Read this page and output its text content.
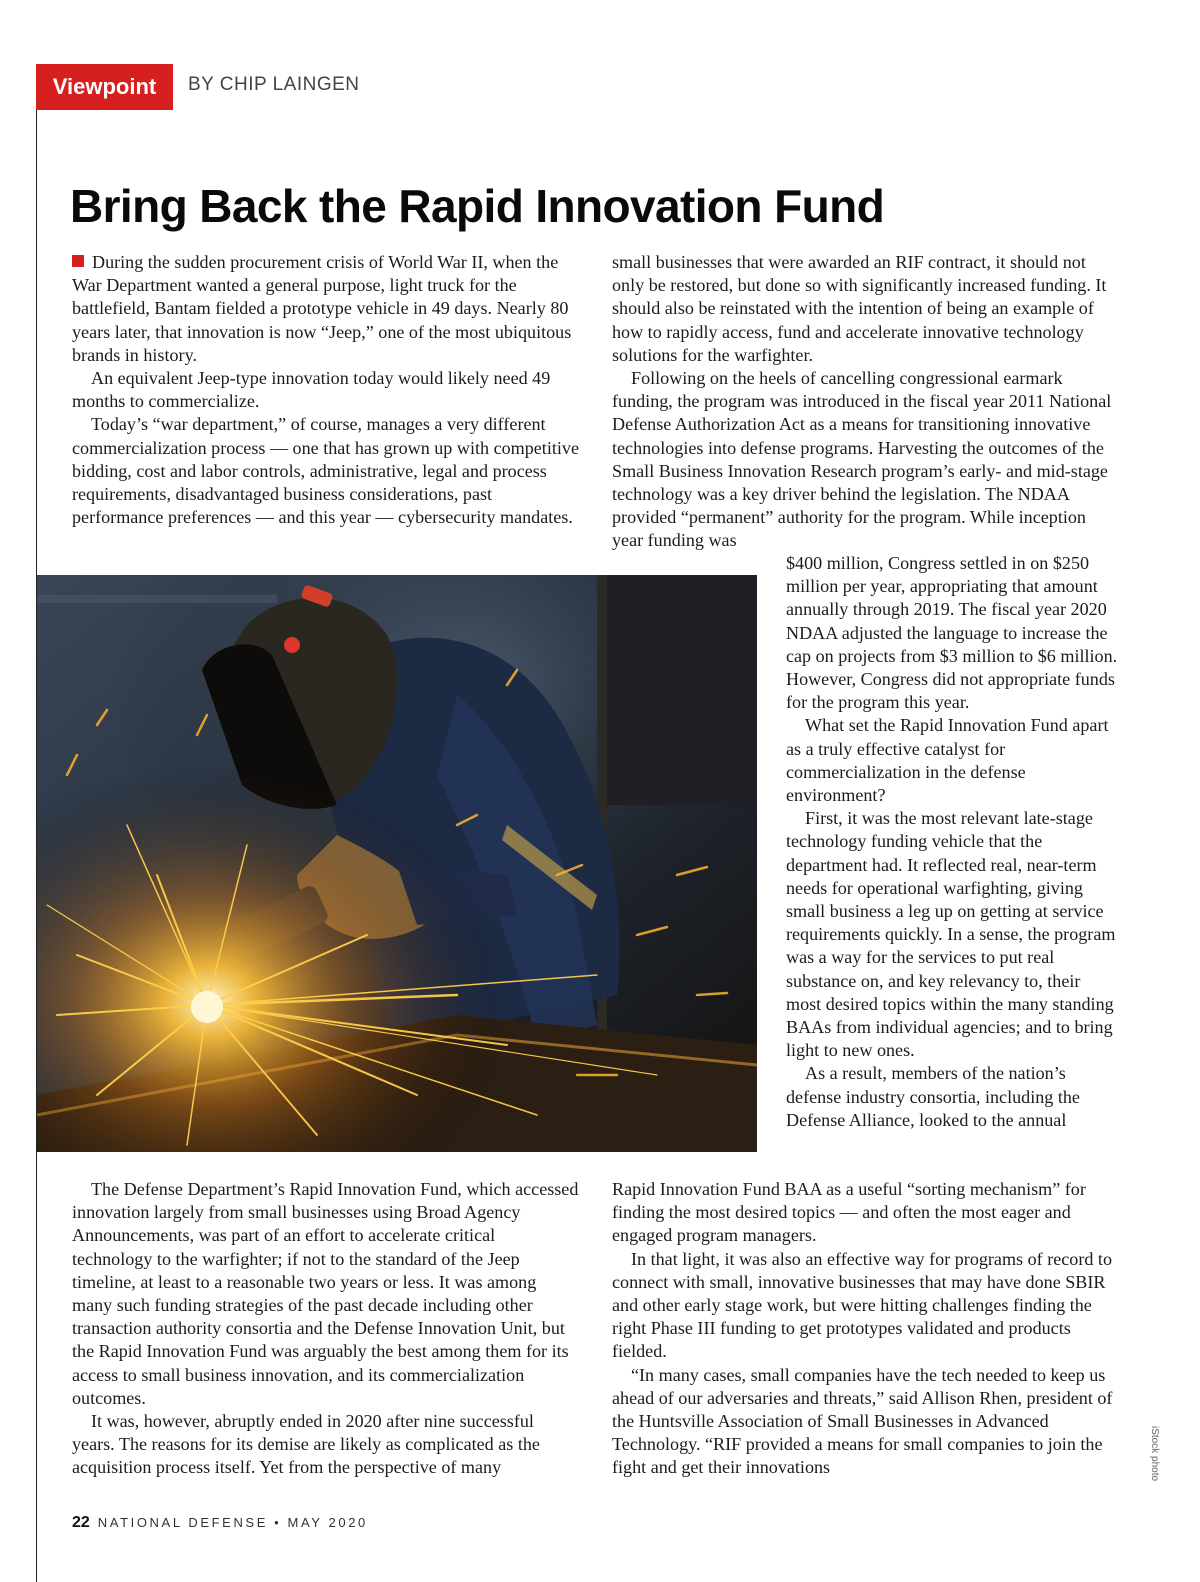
Viewpoint	BY CHIP LAINGEN
Bring Back the Rapid Innovation Fund

During the sudden procurement crisis of World War II, when the War Department wanted a general purpose, light truck for the battlefield, Bantam fielded a prototype vehicle in 49 days. Nearly 80 years later, that innovation is now “Jeep,” one of the most ubiquitous brands in history.

An equivalent Jeep-type innovation today would likely need 49 months to commercialize.

Today’s “war department,” of course, manages a very different commercialization process — one that has grown up with competitive bidding, cost and labor controls, administrative, legal and process requirements, disadvantaged business considerations, past performance preferences — and this year — cybersecurity mandates.

small businesses that were awarded an RIF contract, it should not only be restored, but done so with significantly increased funding. It should also be reinstated with the intention of being an example of how to rapidly access, fund and accelerate innovative technology solutions for the warfighter.

Following on the heels of cancelling congressional earmark funding, the program was introduced in the fiscal year 2011 National Defense Authorization Act as a means for transitioning innovative technologies into defense programs. Harvesting the outcomes of the Small Business Innovation Research program’s early- and mid-stage technology was a key driver behind the legislation. The NDAA provided “permanent” authority for the program. While inception year funding was

$400 million, Congress settled in on $250 million per year, appropriating that amount annually through 2019. The fiscal year 2020 NDAA adjusted the language to increase the cap on projects from $3 million to $6 million. However, Congress did not appropriate funds for the program this year.

What set the Rapid Innovation Fund apart as a truly effective catalyst for commercialization in the defense environment?

First, it was the most relevant late-stage technology funding vehicle that the department had. It reflected real, near-term needs for operational warfighting, giving small business a leg up on getting at service requirements quickly. In a sense, the program was a way for the services to put real substance on, and key relevancy to, their most desired topics within the many standing BAAs from individual agencies; and to bring light to new ones.

As a result, members of the nation’s defense industry consortia, including the Defense Alliance, looked to the annual

Rapid Innovation Fund BAA as a useful “sorting mechanism” for finding the most desired topics — and often the most eager and engaged program managers.

In that light, it was also an effective way for programs of record to connect with small, innovative businesses that may have done SBIR and other early stage work, but were hitting challenges finding the right Phase III funding to get prototypes validated and products fielded.

“In many cases, small companies have the tech needed to keep us ahead of our adversaries and threats,” said Allison Rhen, president of the Huntsville Association of Small Businesses in Advanced Technology. “RIF provided a means for small companies to join the fight and get their innovations

The Defense Department’s Rapid Innovation Fund, which accessed innovation largely from small businesses using Broad Agency Announcements, was part of an effort to accelerate critical technology to the warfighter; if not to the standard of the Jeep timeline, at least to a reasonable two years or less. It was among many such funding strategies of the past decade including other transaction authority consortia and the Defense Innovation Unit, but the Rapid Innovation Fund was arguably the best among them for its access to small business innovation, and its commercialization outcomes.

It was, however, abruptly ended in 2020 after nine successful years. The reasons for its demise are likely as complicated as the acquisition process itself. Yet from the perspective of many	iStock photo
22 NATIONAL DEFENSE • MAY 2020
